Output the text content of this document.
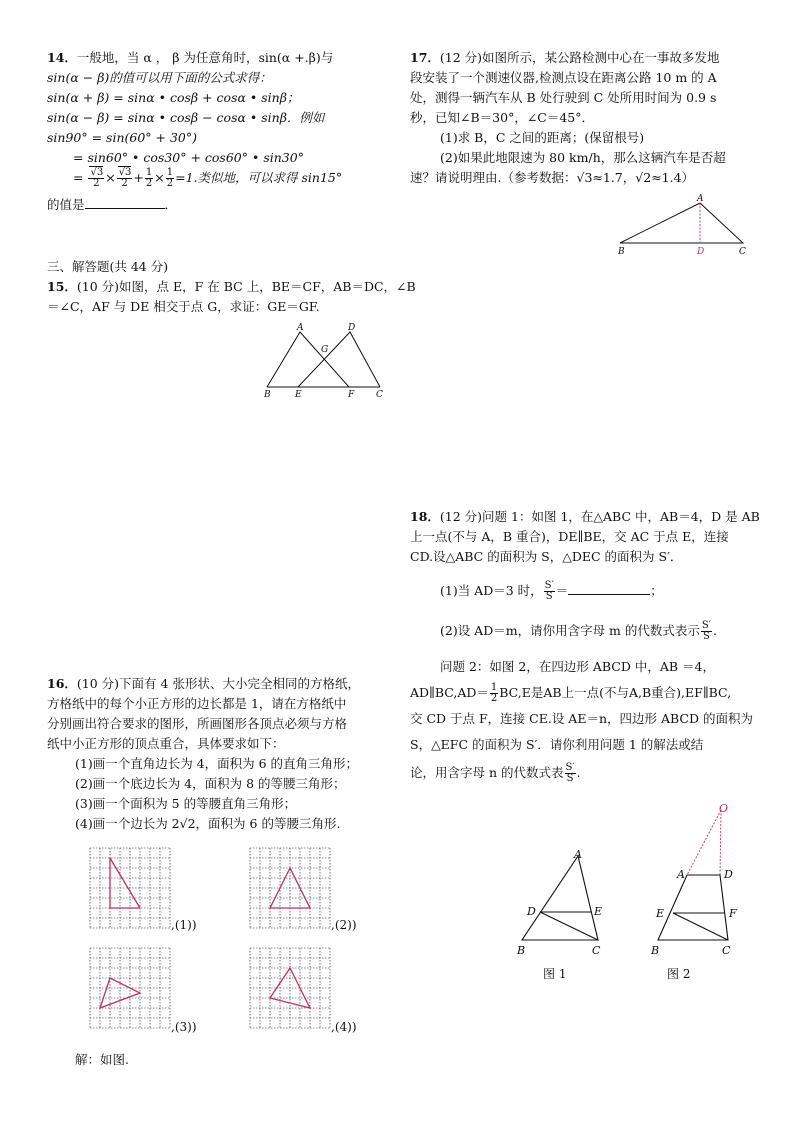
14．一般地，当 α ， β 为任意角时，sin(α +.β)与
sin(α − β)的值可以用下面的公式求得：
sin(α + β) = sinα • cosβ + cosα • sinβ；
sin(α − β) = sinα • cosβ − cosα • sinβ．例如
sin90° = sin(60° + 30°)
= sin60° • cos30° + cos60° • sin30°
= $\frac{√3}{2} \times \frac{√3}{2} + \frac{1}{2} \times \frac{1}{2} =1$.类似地，可以求得 sin15°
的值是	．
三、解答题(共 44 分)
15．(10 分)如图，点 E，F 在 BC 上，BE＝CF，AB＝DC，∠B
＝∠C，AF 与 DE 相交于点 G，求证：GE＝GF.
A	D
G
B	E	F C
16．(10 分)下面有 4 张形状、大小完全相同的方格纸，
方格纸中的每个小正方形的边长都是 1，请在方格纸中
分别画出符合要求的图形，所画图形各顶点必须与方格
纸中小正方形的顶点重合，具体要求如下：
(1)画一个直角边长为 4，面积为 6 的直角三角形；
(2)画一个底边长为 4，面积为 8 的等腰三角形；
(3)画一个面积为 5 的等腰直角三角形；
(4)画一个边长为 2√2，面积为 6 的等腰三角形.
,(1))	,(2))
,(3))	,(4))
解：如图.
17．(12 分)如图所示，某公路检测中心在一事故多发地
段安装了一个测速仪器,检测点设在距离公路 10 m 的 A
处，测得一辆汽车从 B 处行驶到 C 处所用时间为 0.9 s
秒，已知∠B＝30°，∠C＝45°．
(1)求 B，C 之间的距离；(保留根号)
(2)如果此地限速为 80 km/h，那么这辆汽车是否超
速？请说明理由.（参考数据：√3≈1.7，√2≈1.4）
A
B	D	C
18．(12 分)问题 1：如图 1，在△ABC 中，AB＝4，D 是 AB
上一点(不与 A，B 重合)，DE∥BE，交 AC 于点 E，连接
CD.设△ABC 的面积为 S，△DEC 的面积为 S′．
(1)当 AD＝3 时， $\frac{S'}{S}$ ＝	；
(2)设 AD＝m，请你用含字母 m 的代数式表示 $\frac{S'}{S}$ .
问题 2：如图 2，在四边形 ABCD 中，AB ＝4，
AD∥BC,AD＝ $\frac{1}{2} BC,E$是AB上一点(不与A,B重合),EF∥BC,
交 CD 于点 F，连接 CE.设 AE＝n，四边形 ABCD 的面积为
S，△EFC 的面积为 S′．请你利用问题 1 的解法或结
论，用含字母 n 的代数式表 $\frac{S'}{S}$ .
A
D	E
B	C
图 1
O
A	D
E	F
B	C
图 2
